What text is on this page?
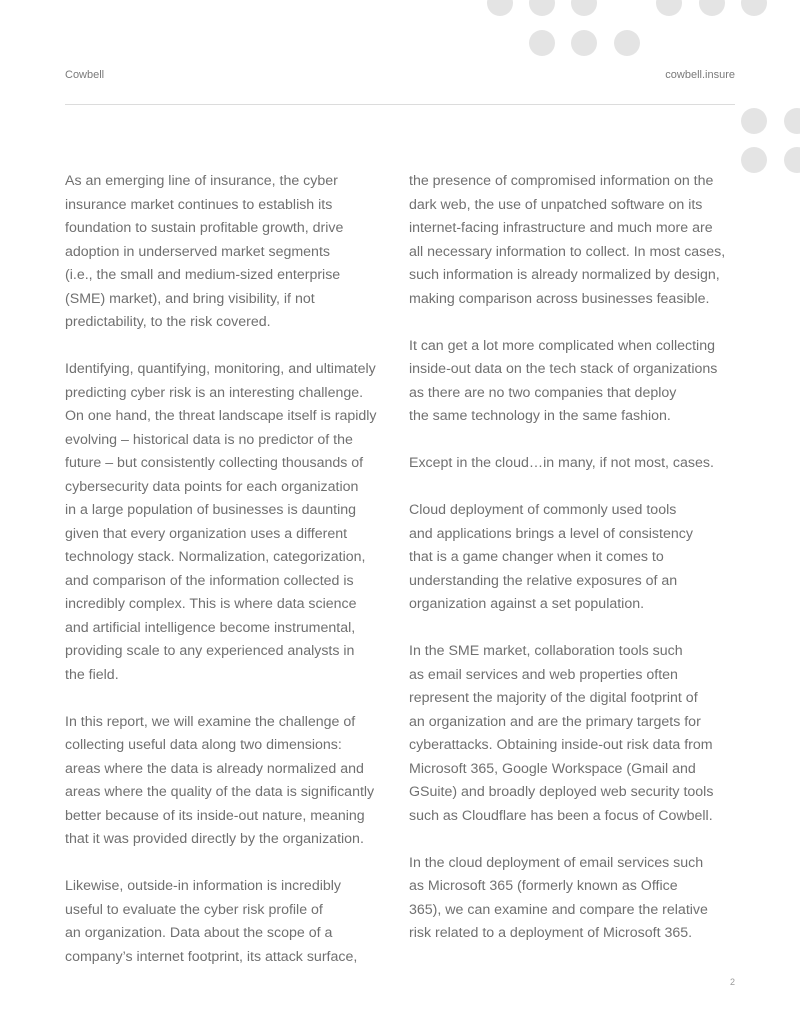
Cowbell	cowbell.insure
As an emerging line of insurance, the cyber
insurance market continues to establish its
foundation to sustain profitable growth, drive
adoption in underserved market segments
(i.e., the small and medium-sized enterprise
(SME) market), and bring visibility, if not
predictability, to the risk covered.
Identifying, quantifying, monitoring, and ultimately
predicting cyber risk is an interesting challenge.
On one hand, the threat landscape itself is rapidly
evolving – historical data is no predictor of the
future – but consistently collecting thousands of
cybersecurity data points for each organization
in a large population of businesses is daunting
given that every organization uses a different
technology stack. Normalization, categorization,
and comparison of the information collected is
incredibly complex. This is where data science
and artificial intelligence become instrumental,
providing scale to any experienced analysts in
the field.
In this report, we will examine the challenge of
collecting useful data along two dimensions:
areas where the data is already normalized and
areas where the quality of the data is significantly
better because of its inside-out nature, meaning
that it was provided directly by the organization.
Likewise, outside-in information is incredibly
useful to evaluate the cyber risk profile of
an organization. Data about the scope of a
company’s internet footprint, its attack surface,
the presence of compromised information on the
dark web, the use of unpatched software on its
internet-facing infrastructure and much more are
all necessary information to collect. In most cases,
such information is already normalized by design,
making comparison across businesses feasible.
It can get a lot more complicated when collecting
inside-out data on the tech stack of organizations
as there are no two companies that deploy
the same technology in the same fashion.
Except in the cloud…in many, if not most, cases.
Cloud deployment of commonly used tools
and applications brings a level of consistency
that is a game changer when it comes to
understanding the relative exposures of an
organization against a set population.
In the SME market, collaboration tools such
as email services and web properties often
represent the majority of the digital footprint of
an organization and are the primary targets for
cyberattacks. Obtaining inside-out risk data from
Microsoft 365, Google Workspace (Gmail and
GSuite) and broadly deployed web security tools
such as Cloudflare has been a focus of Cowbell.
In the cloud deployment of email services such
as Microsoft 365 (formerly known as Office
365), we can examine and compare the relative
risk related to a deployment of Microsoft 365.
2
